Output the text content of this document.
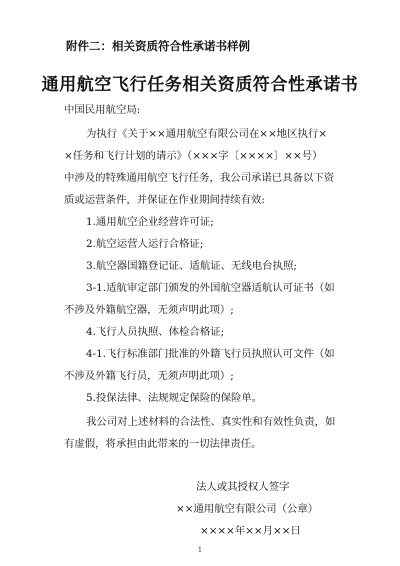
附件二：相关资质符合性承诺书样例

通用航空飞行任务相关资质符合性承诺书

中国民用航空局:

为执行《关于××通用航空有限公司在××地区执行×

×任务和飞行计划的请示》（×××字〔××××〕××号）

中涉及的特殊通用航空飞行任务，我公司承诺已具备以下资

质或运营条件，并保证在作业期间持续有效:

1.通用航空企业经营许可证;

2.航空运营人运行合格证;

3.航空器国籍登记证、适航证、无线电台执照;

3-1.适航审定部门颁发的外国航空器适航认可证书（如

不涉及外籍航空器，无须声明此项）;

4.飞行人员执照、体检合格证;

4-1.飞行标准部门批准的外籍飞行员执照认可文件（如

不涉及外籍飞行员，无须声明此项）;

5.投保法律、法规规定保险的保险单。

我公司对上述材料的合法性、真实性和有效性负责，如

有虚假，将承担由此带来的一切法律责任。

法人或其授权人签字

××通用航空有限公司（公章）

××××年××月××日

1
